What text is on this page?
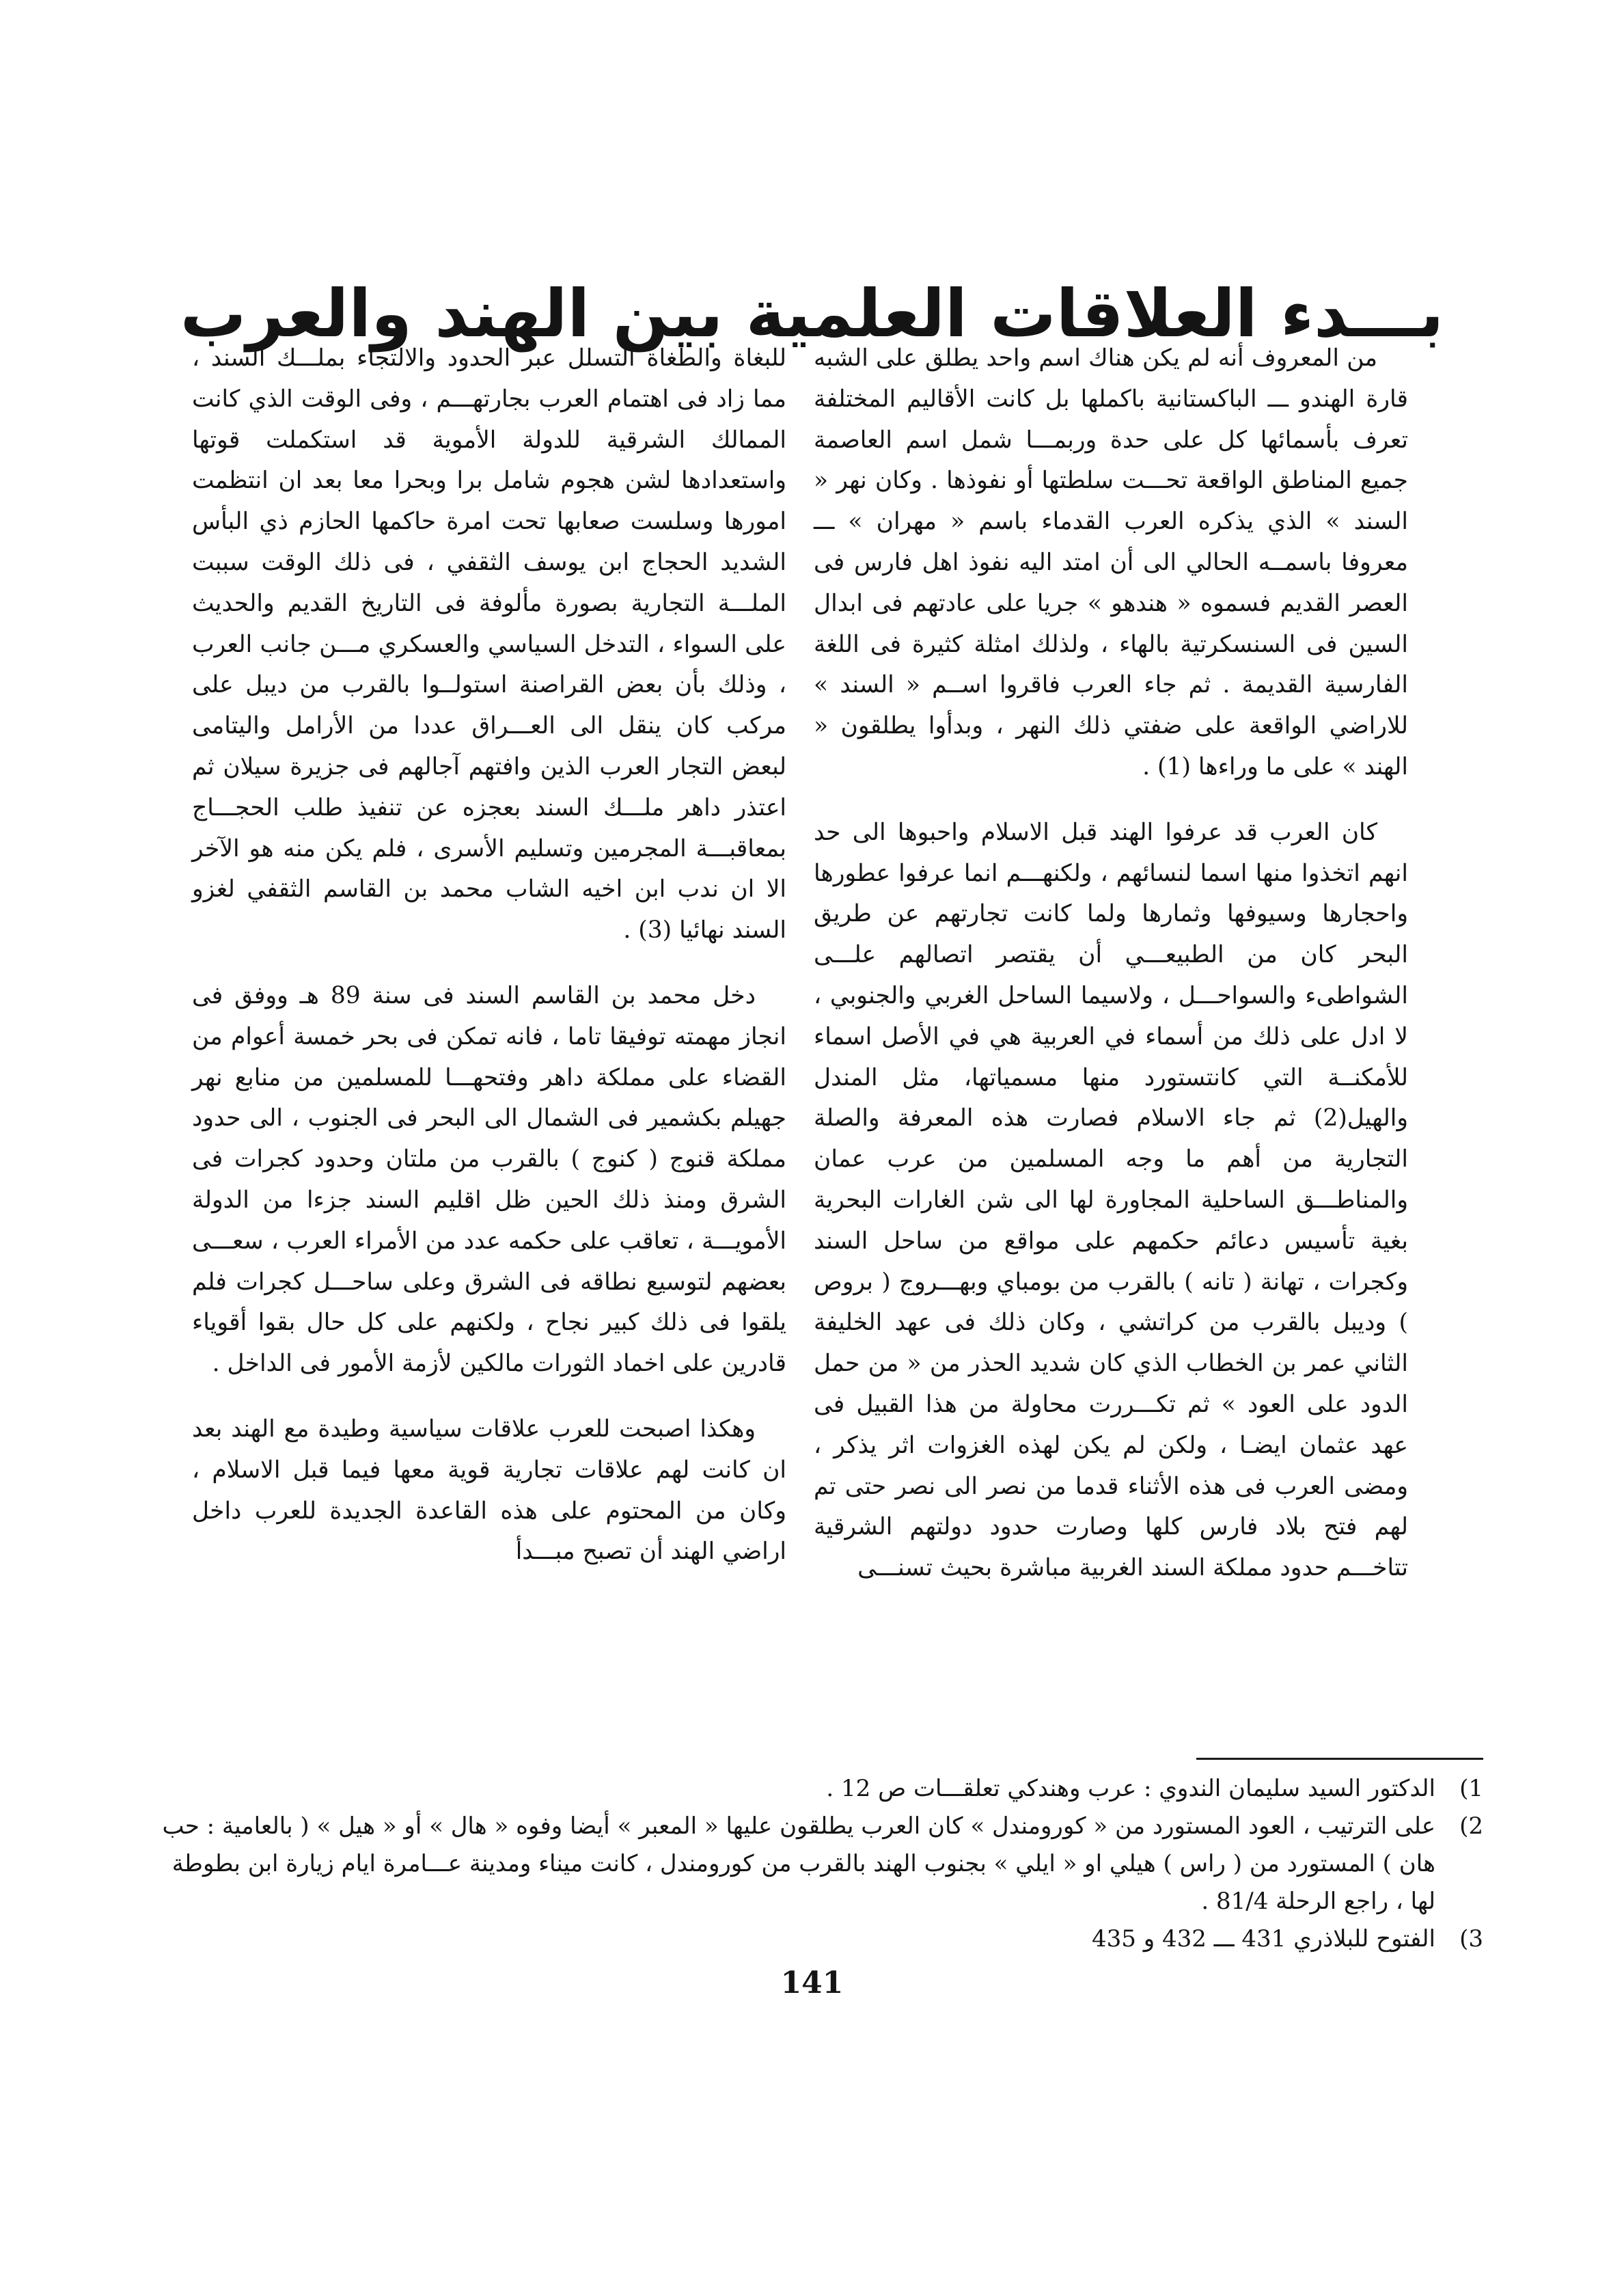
بـــدء العلاقات العلمية بين الهند والعرب

من المعروف أنه لم يكن هناك اسم واحد يطلق على الشبه قارة الهندو ـــ الباكستانية باكملها بل كانت الأقاليم المختلفة تعرف بأسمائها كل على حدة وربمـــا شمل اسم العاصمة جميع المناطق الواقعة تحـــت سلطتها أو نفوذها . وكان نهر « السند » الذي يذكره العرب القدماء باسم « مهران » ـــ معروفا باسمــه الحالي الى أن امتد اليه نفوذ اهل فارس فى العصر القديم فسموه « هندهو » جريا على عادتهم فى ابدال السين فى السنسكرتية بالهاء ، ولذلك امثلة كثيرة فى اللغة الفارسية القديمة . ثم جاء العرب فاقروا اســم « السند » للاراضي الواقعة على ضفتي ذلك النهر ، وبدأوا يطلقون « الهند » على ما وراءها (1) .

كان العرب قد عرفوا الهند قبل الاسلام واحبوها الى حد انهم اتخذوا منها اسما لنسائهم ، ولكنهـــم انما عرفوا عطورها واحجارها وسيوفها وثمارها ولما كانت تجارتهم عن طريق البحر كان من الطبيعـــي أن يقتصر اتصالهم علـــى الشواطىء والسواحـــل ، ولاسيما الساحل الغربي والجنوبي ، لا ادل على ذلك من أسماء في العربية هي في الأصل اسماء للأمكنــة التي كانتستورد منها مسمياتها، مثل المندل والهيل(2) ثم جاء الاسلام فصارت هذه المعرفة والصلة التجارية من أهم ما وجه المسلمين من عرب عمان والمناطـــق الساحلية المجاورة لها الى شن الغارات البحرية بغية تأسيس دعائم حكمهم على مواقع من ساحل السند وكجرات ، تهانة ( تانه ) بالقرب من بومباي وبهـــروج ( بروص ) وديبل بالقرب من كراتشي ، وكان ذلك فى عهد الخليفة الثاني عمر بن الخطاب الذي كان شديد الحذر من « من حمل الدود على العود » ثم تكـــررت محاولة من هذا القبيل فى عهد عثمان ايضـا ، ولكن لم يكن لهذه الغزوات اثر يذكر ، ومضى العرب فى هذه الأثناء قدما من نصر الى نصر حتى تم لهم فتح بلاد فارس كلها وصارت حدود دولتهم الشرقية تتاخـــم حدود مملكة السند الغربية مباشرة بحيث تسنـــى

للبغاة والطغاة التسلل عبر الحدود والالتجاء بملـــك السند ، مما زاد فى اهتمام العرب بجارتهـــم ، وفى الوقت الذي كانت الممالك الشرقية للدولة الأموية قد استكملت قوتها واستعدادها لشن هجوم شامل برا وبحرا معا بعد ان انتظمت امورها وسلست صعابها تحت امرة حاكمها الحازم ذي البأس الشديد الحجاج ابن يوسف الثقفي ، فى ذلك الوقت سببت الملـــة التجارية بصورة مألوفة فى التاريخ القديم والحديث على السواء ، التدخل السياسي والعسكري مـــن جانب العرب ، وذلك بأن بعض القراصنة استولــوا بالقرب من ديبل على مركب كان ينقل الى العـــراق عددا من الأرامل واليتامى لبعض التجار العرب الذين وافتهم آجالهم فى جزيرة سيلان ثم اعتذر داهر ملـــك السند بعجزه عن تنفيذ طلب الحجـــاج بمعاقبـــة المجرمين وتسليم الأسرى ، فلم يكن منه هو الآخر الا ان ندب ابن اخيه الشاب محمد بن القاسم الثقفي لغزو السند نهائيا (3) .

دخل محمد بن القاسم السند فى سنة 89 هـ ووفق فى انجاز مهمته توفيقا تاما ، فانه تمكن فى بحر خمسة أعوام من القضاء على مملكة داهر وفتحهـــا للمسلمين من منابع نهر جهيلم بكشمير فى الشمال الى البحر فى الجنوب ، الى حدود مملكة قنوج ( كنوج ) بالقرب من ملتان وحدود كجرات فى الشرق ومنذ ذلك الحين ظل اقليم السند جزءا من الدولة الأمويـــة ، تعاقب على حكمه عدد من الأمراء العرب ، سعـــى بعضهم لتوسيع نطاقه فى الشرق وعلى ساحـــل كجرات فلم يلقوا فى ذلك كبير نجاح ، ولكنهم على كل حال بقوا أقوياء قادرين على اخماد الثورات مالكين لأزمة الأمور فى الداخل .

وهكذا اصبحت للعرب علاقات سياسية وطيدة مع الهند بعد ان كانت لهم علاقات تجارية قوية معها فيما قبل الاسلام ، وكان من المحتوم على هذه القاعدة الجديدة للعرب داخل اراضي الهند أن تصبح مبـــدأ

1)
الدكتور السيد سليمان الندوي : عرب وهندكي تعلقـــات ص 12 .
2)
على الترتيب ، العود المستورد من « كورومندل » كان العرب يطلقون عليها « المعبر » أيضا وفوه « هال » أو « هيل » ( بالعامية : حب هان ) المستورد من ( راس ) هيلي او « ايلي » بجنوب الهند بالقرب من كورومندل ، كانت ميناء ومدينة عـــامرة ايام زيارة ابن بطوطة لها ، راجع الرحلة 81/4 .
3)
الفتوح للبلاذري 431 ـــ 432 و 435
141
